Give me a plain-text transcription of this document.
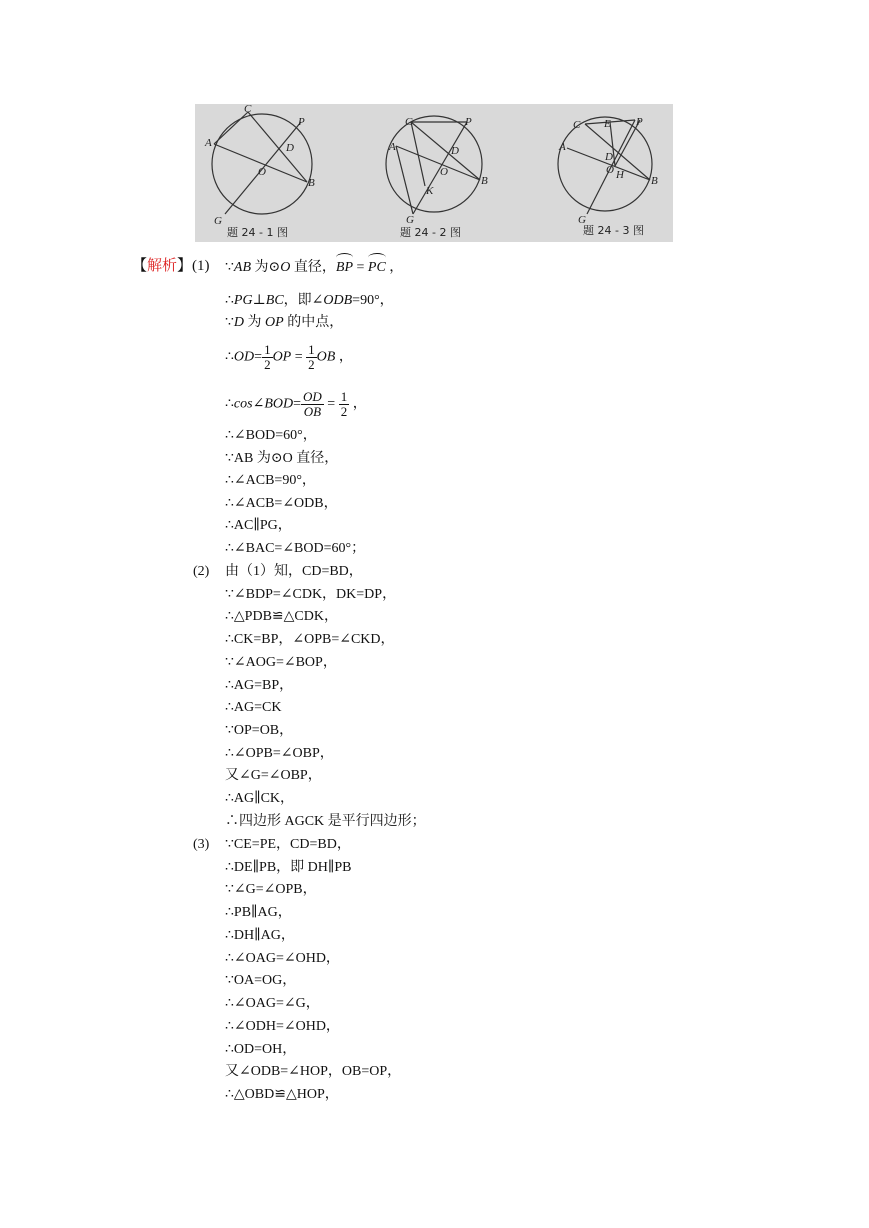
C
P
A	D
O
B
G
C	P
A	D
O
B
K
G
C E P
A
D
O H B
G
题 24 - 1 图	题 24 - 2 图	题 24 - 3 图
【解析】(1) ∵AB 为⊙O 直径，BP = PC ，
∴PG⊥BC，即∠ODB=90°，
∵D 为 OP 的中点，
∴OD= $\frac{1}{2}$ OP = $\frac{1}{2}$ OB ，
∴cos∠BOD= $\frac{OD}{OB} = \frac{1}{2}$ ，
∴∠BOD=60°，
∵AB 为⊙O 直径，
∴∠ACB=90°，
∴∠ACB=∠ODB，
∴AC∥PG，
∴∠BAC=∠BOD=60°；
(2) 由（1）知，CD=BD，
∵∠BDP=∠CDK，DK=DP，
∴△PDB≌△CDK，
∴CK=BP，∠OPB=∠CKD，
∵∠AOG=∠BOP，
∴AG=BP，
∴AG=CK
∵OP=OB，
∴∠OPB=∠OBP，
又∠G=∠OBP，
∴AG∥CK，
∴四边形 AGCK 是平行四边形；
(3) ∵CE=PE，CD=BD，
∴DE∥PB，即 DH∥PB
∵∠G=∠OPB，
∴PB∥AG，
∴DH∥AG，
∴∠OAG=∠OHD，
∵OA=OG，
∴∠OAG=∠G，
∴∠ODH=∠OHD，
∴OD=OH，
又∠ODB=∠HOP，OB=OP，
∴△OBD≌△HOP，
